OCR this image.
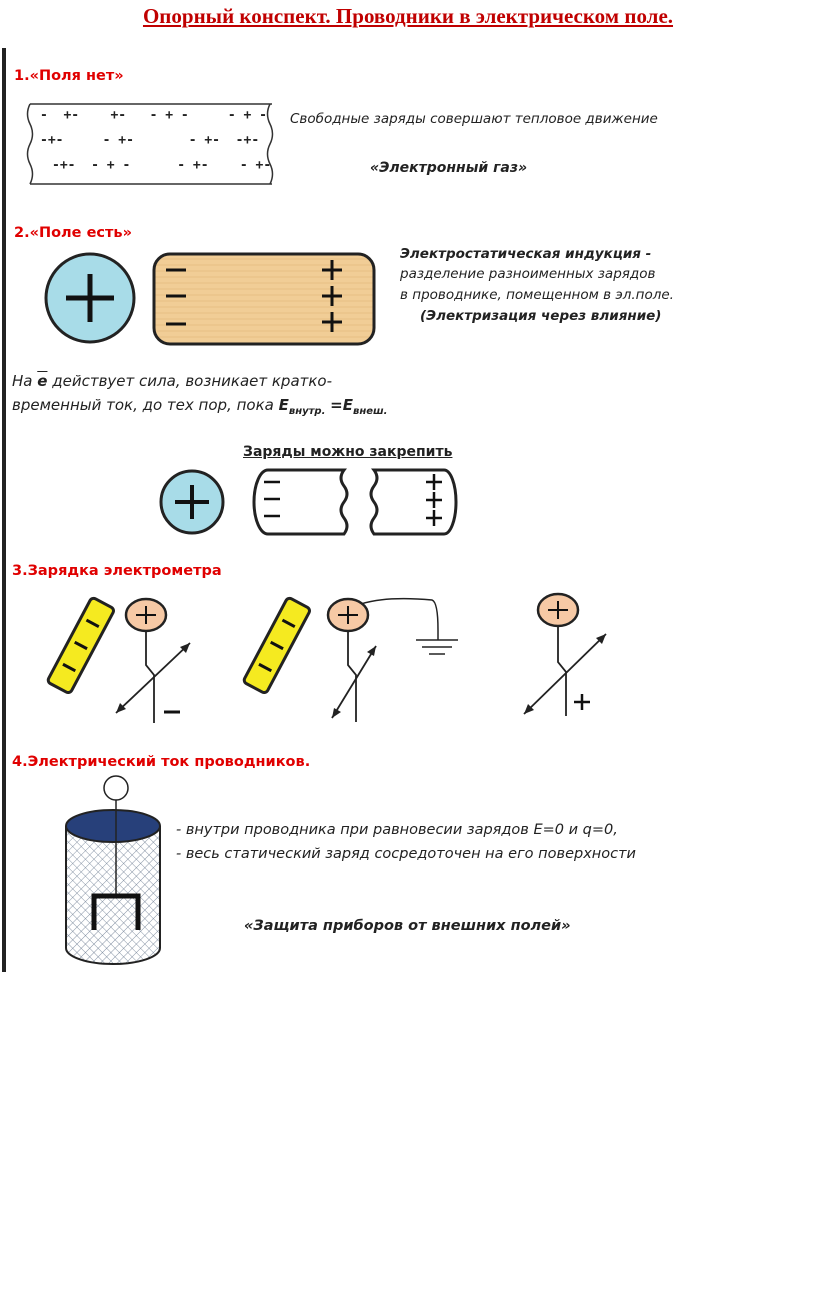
Опорный конспект. Проводники в электрическом поле.
1.«Поля нет»
-  +-    +-   - + -     - + -
-+-     - +-       - +-  -+-
-+-  - + -      - +-    - +-
Свободные заряды совершают тепловое движение
«Электронный газ»
2.«Поле есть»
Электростатическая индукция -
разделение разноименных зарядов
в проводнике, помещенном в эл.поле.
(Электризация через влияние)
На $\overline{e}$ действует сила, возникает кратко-
временный ток, до тех пор, пока $E_{внутр.} =E_{внеш.}$
Заряды можно закрепить
3.Зарядка электрометра
4.Электрический ток проводников.
- внутри проводника при равновесии зарядов E=0 и q=0,
- весь статический заряд сосредоточен на его поверхности
«Защита приборов от внешних полей»
